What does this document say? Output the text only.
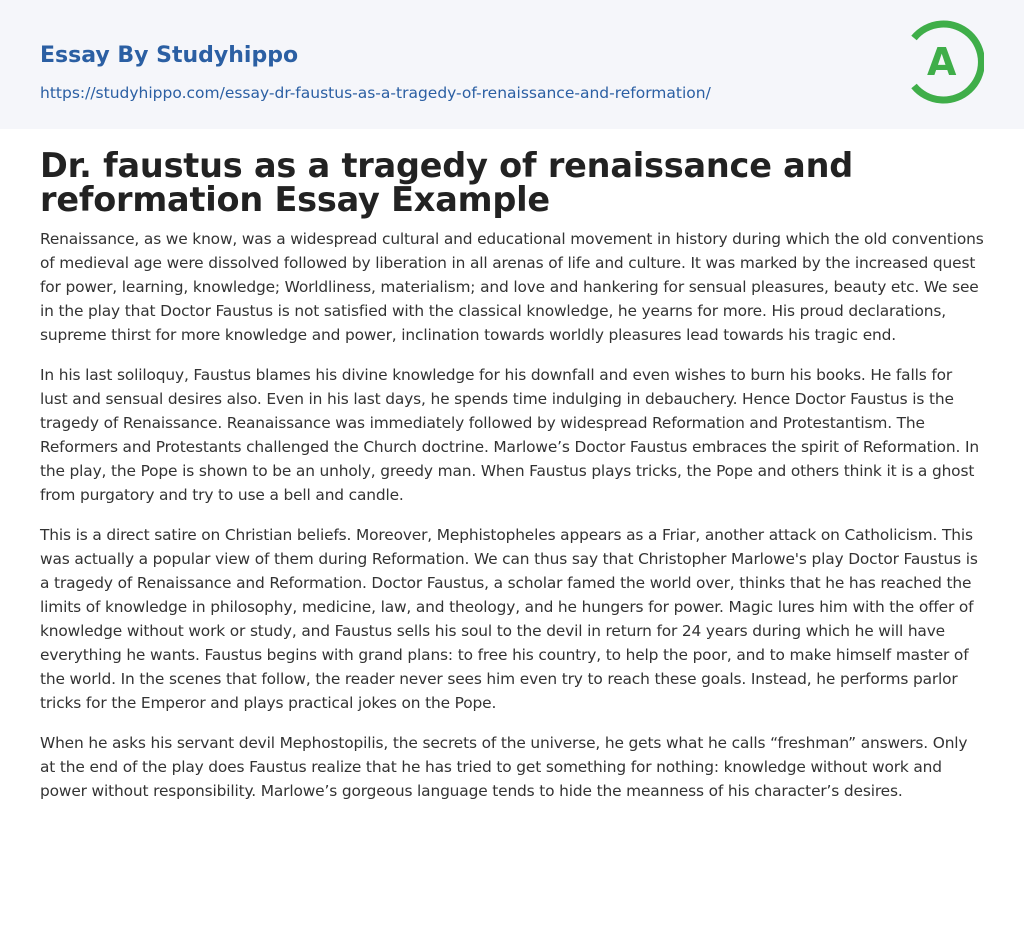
Essay By Studyhippo
https://studyhippo.com/essay-dr-faustus-as-a-tragedy-of-renaissance-and-reformation/
A
Dr. faustus as a tragedy of renaissance and reformation Essay Example

Renaissance, as we know, was a widespread cultural and educational movement in history during which the old conventions of medieval age were dissolved followed by liberation in all arenas of life and culture. It was marked by the increased quest for power, learning, knowledge; Worldliness, materialism; and love and hankering for sensual pleasures, beauty etc. We see in the play that Doctor Faustus is not satisfied with the classical knowledge, he yearns for more. His proud declarations, supreme thirst for more knowledge and power, inclination towards worldly pleasures lead towards his tragic end.

In his last soliloquy, Faustus blames his divine knowledge for his downfall and even wishes to burn his books. He falls for lust and sensual desires also. Even in his last days, he spends time indulging in debauchery. Hence Doctor Faustus is the tragedy of Renaissance. Reanaissance was immediately followed by widespread Reformation and Protestantism. The Reformers and Protestants challenged the Church doctrine. Marlowe’s Doctor Faustus embraces the spirit of Reformation. In the play, the Pope is shown to be an unholy, greedy man. When Faustus plays tricks, the Pope and others think it is a ghost from purgatory and try to use a bell and candle.

This is a direct satire on Christian beliefs. Moreover, Mephistopheles appears as a Friar, another attack on Catholicism. This was actually a popular view of them during Reformation. We can thus say that Christopher Marlowe's play Doctor Faustus is a tragedy of Renaissance and Reformation. Doctor Faustus, a scholar famed the world over, thinks that he has reached the limits of knowledge in philosophy, medicine, law, and theology, and he hungers for power. Magic lures him with the offer of knowledge without work or study, and Faustus sells his soul to the devil in return for 24 years during which he will have everything he wants. Faustus begins with grand plans: to free his country, to help the poor, and to make himself master of the world. In the scenes that follow, the reader never sees him even try to reach these goals. Instead, he performs parlor tricks for the Emperor and plays practical jokes on the Pope.

When he asks his servant devil Mephostopilis, the secrets of the universe, he gets what he calls “freshman” answers. Only at the end of the play does Faustus realize that he has tried to get something for nothing: knowledge without work and power without responsibility. Marlowe’s gorgeous language tends to hide the meanness of his character’s desires.
